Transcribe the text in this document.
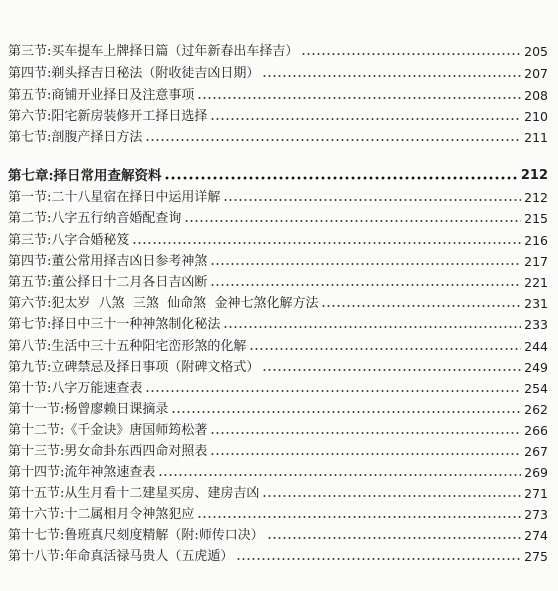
第三节: 买车提车上牌择日篇（过年新春出车择吉）	205
第四节: 剃头择吉日秘法（附收徒吉凶日期）	207
第五节: 商铺开业择日及注意事项	208
第六节: 阳宅新房装修开工择日选择	210
第七节: 剖腹产择日方法	211
第七章: 择日常用查解资料	212
第一节: 二十八星宿在择日中运用详解	212
第二节: 八字五行纳音婚配查询	215
第三节: 八字合婚秘笈	216
第四节: 董公常用择吉凶日参考神煞	217
第五节: 董公择日十二月各日吉凶断	221
第六节: 犯太岁  八煞  三煞  仙命煞  金神七煞化解方法	231
第七节: 择日中三十一种神煞制化秘法	233
第八节: 生活中三十五种阳宅峦形煞的化解	244
第九节: 立碑禁忌及择日事项（附碑文格式）	249
第十节: 八字万能速查表	254
第十一节: 杨曾廖赖日课摘录	262
第十二节: 《千金诀》唐国师筠松著	266
第十三节: 男女命卦东西四命对照表	267
第十四节: 流年神煞速查表	269
第十五节: 从生月看十二建星买房、建房吉凶	271
第十六节: 十二属相月令神煞犯应	273
第十七节: 鲁班真尺刻度精解（附:师传口决）	274
第十八节: 年命真活禄马贵人（五虎遁）	275
